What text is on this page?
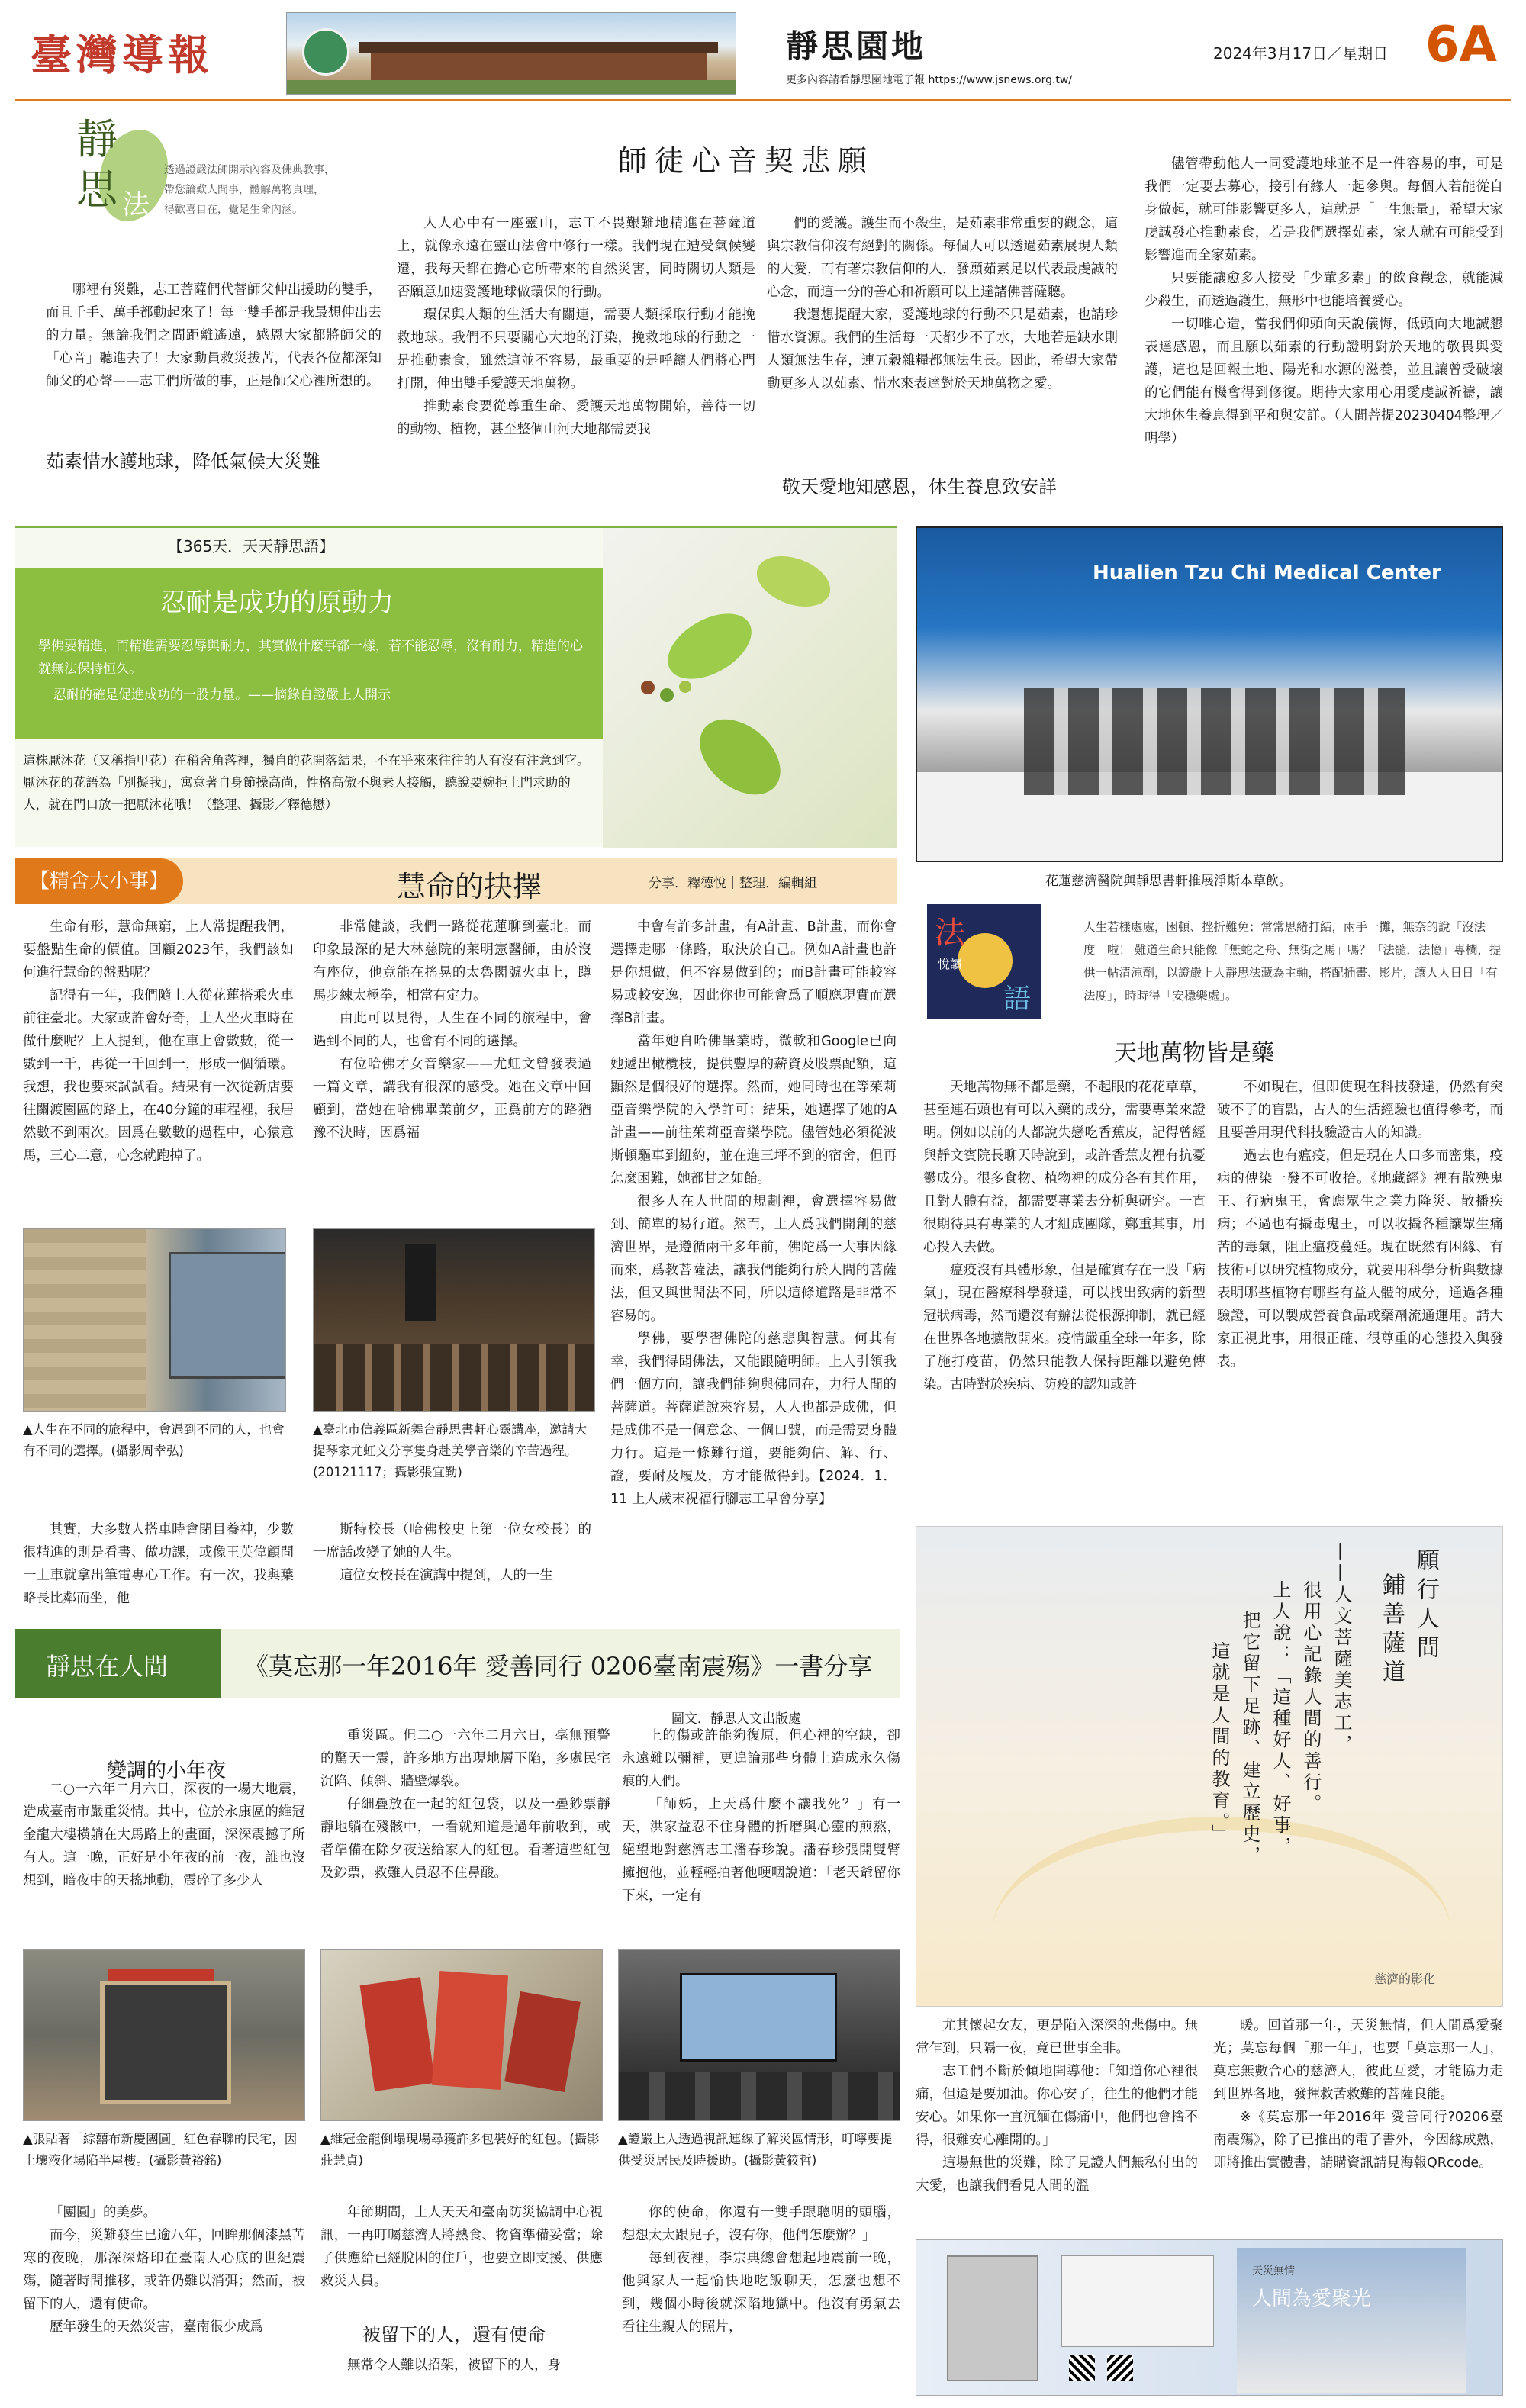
臺灣導報	靜思園地
更多內容請看靜思園地電子報 https://www.jsnews.org.tw/
2024年3月17日／星期日 6A
靜
思 法
語
透過證嚴法師開示內容及佛典教事，
帶您論歎人間事，體解萬物真理，
得歡喜自在，覺足生命內涵。
師徒心音契悲願

哪裡有災難，志工菩薩們代替師父伸出援助的雙手，而且千手、萬手都動起來了！每一雙手都是我最想伸出去的力量。無論我們之間距離遙遠，感恩大家都將師父的「心音」聽進去了！大家動員救災拔苦，代表各位都深知師父的心聲——志工們所做的事，正是師父心裡所想的。

茹素惜水護地球，降低氣候大災難

人人心中有一座靈山，志工不畏艱難地精進在菩薩道上，就像永遠在靈山法會中修行一樣。我們現在遭受氣候變遷，我每天都在擔心它所帶來的自然災害，同時關切人類是否願意加速愛護地球做環保的行動。

環保與人類的生活大有關連，需要人類採取行動才能挽救地球。我們不只要關心大地的汙染，挽救地球的行動之一是推動素食，雖然這並不容易，最重要的是呼籲人們將心門打開，伸出雙手愛護天地萬物。

推動素食要從尊重生命、愛護天地萬物開始，善待一切的動物、植物，甚至整個山河大地都需要我

們的愛護。護生而不殺生，是茹素非常重要的觀念，這與宗教信仰沒有絕對的關係。每個人可以透過茹素展現人類的大愛，而有著宗教信仰的人，發願茹素足以代表最虔誠的心念，而這一分的善心和祈願可以上達諸佛菩薩聽。

我還想提醒大家，愛護地球的行動不只是茹素，也請珍惜水資源。我們的生活每一天都少不了水，大地若是缺水則人類無法生存，連五穀雜糧都無法生長。因此，希望大家帶動更多人以茹素、惜水來表達對於天地萬物之愛。

敬天愛地知感恩，休生養息致安詳

儘管帶動他人一同愛護地球並不是一件容易的事，可是我們一定要去募心，接引有緣人一起參與。每個人若能從自身做起，就可能影響更多人，這就是「一生無量」，希望大家虔誠發心推動素食，若是我們選擇茹素，家人就有可能受到影響進而全家茹素。

只要能讓愈多人接受「少葷多素」的飲食觀念，就能減少殺生，而透過護生，無形中也能培養愛心。

一切唯心造，當我們仰頭向天說儀悔，低頭向大地誠懇表達感恩，而且願以茹素的行動證明對於天地的敬畏與愛護，這也是回報土地、陽光和水源的滋養，並且讓曾受破壞的它們能有機會得到修復。期待大家用心用愛虔誠祈禱，讓大地休生養息得到平和與安詳。（人間菩提20230404整理／明學）

【365天．天天靜思語】
忍耐是成功的原動力
學佛要精進，而精進需要忍辱與耐力，其實做什麼事都一樣，若不能忍辱，沒有耐力，精進的心就無法保持恒久。
忍耐的確是促進成功的一股力量。——摘錄自證嚴上人開示
這株厭沐花（又稱指甲花）在稍舍角落裡，獨自的花開落結果，不在乎來來往往的人有沒有注意到它。厭沐花的花語為「別擬我」，寓意著自身節操高尚，性格高傲不與素人接觸，聽說要婉拒上門求助的人，就在門口放一把厭沐花哦！（整理、攝影／釋德懋）
Hualien Tzu Chi Medical Center
花蓮慈濟醫院與靜思書軒推展淨斯本草飲。
法
語
悅讀
人生若樣處處，困頓、挫折難免；常常思緒打結，兩手一攤，無奈的說「沒法度」啦！ 難道生命只能像「無蛇之舟、無街之馬」嗎？「法髓．法憶」專欄，提供一帖清涼劑，以證嚴上人靜思法藏為主軸，搭配插畫、影片，讓人人日日「有法度」，時時得「安穩樂處」。
天地萬物皆是藥

天地萬物無不都是藥，不起眼的花花草草，甚至連石頭也有可以入藥的成分，需要專業來證明。例如以前的人都說失戀吃香蕉皮，記得曾經與靜文賓院長聊天時說到，或許香蕉皮裡有抗憂鬱成分。很多食物、植物裡的成分各有其作用，且對人體有益，都需要專業去分析與研究。一直很期待具有專業的人才組成團隊，鄭重其事，用心投入去做。

瘟疫沒有具體形象，但是確實存在一股「病氣」，現在醫療科學發達，可以找出致病的新型冠狀病毒，然而還沒有辦法從根源抑制，就已經在世界各地擴散開來。疫情嚴重全球一年多，除了施打疫苗，仍然只能教人保持距離以避免傳染。古時對於疾病、防疫的認知或許

不如現在，但即使現在科技發達，仍然有突破不了的盲點，古人的生活經驗也值得參考，而且要善用現代科技驗證古人的知識。

過去也有瘟疫，但是現在人口多而密集，疫病的傳染一發不可收拾。《地藏經》裡有散殃鬼王、行病鬼王，會應眾生之業力降災、散播疾病；不過也有攝毒鬼王，可以收攝各種讓眾生痛苦的毒氣，阻止瘟疫蔓延。現在既然有困緣、有技術可以研究植物成分，就要用科學分析與數據表明哪些植物有哪些有益人體的成分，通過各種驗證，可以製成營養食品或藥劑流通運用。請大家正視此事，用很正確、很尊重的心態投入與發表。

【精舍大小事】	慧命的抉擇	分享．釋德悅｜整理．編輯組

生命有形，慧命無窮，上人常提醒我們，要盤點生命的價值。回顧2023年，我們該如何進行慧命的盤點呢？

記得有一年，我們隨上人從花蓮搭乘火車前往臺北。大家或許會好奇，上人坐火車時在做什麼呢？上人提到，他在車上會數數，從一數到一千，再從一千回到一，形成一個循環。我想，我也要來試試看。結果有一次從新店要往關渡園區的路上，在40分鐘的車程裡，我居然數不到兩次。因爲在數數的過程中，心猿意馬，三心二意，心念就跑掉了。

非常健談，我們一路從花蓮聊到臺北。而印象最深的是大林慈院的莱明憲醫師，由於沒有座位，他竟能在搖晃的太魯閣號火車上，蹲馬步練太極拳，相當有定力。

由此可以見得，人生在不同的旅程中，會遇到不同的人，也會有不同的選擇。

有位哈佛才女音樂家——尤虹文曾發表過一篇文章，講我有很深的感受。她在文章中回顧到，當她在哈佛畢業前夕，正爲前方的路猶豫不決時，因爲福

中會有許多計畫，有A計畫、B計畫，而你會選擇走哪一條路，取決於自己。例如A計畫也許是你想做，但不容易做到的；而B計畫可能較容易或較安逸，因此你也可能會爲了順應現實而選擇B計畫。

當年她自哈佛畢業時，微軟和Google已向她遞出橄欖枝，提供豐厚的薪資及股票配額，這顯然是個很好的選擇。然而，她同時也在等茱莉亞音樂學院的入學許可；結果，她選擇了她的A計畫——前往茱莉亞音樂學院。儘管她必須從波斯頓驅車到紐約，並在進三坪不到的宿舍，但再怎麼困難，她都甘之如飴。

很多人在人世間的規劃裡，會選擇容易做到、簡單的易行道。然而，上人爲我們開創的慈濟世界，是遵循兩千多年前，佛陀爲一大事因緣而來，爲教菩薩法，讓我們能夠行於人間的菩薩法，但又與世間法不同，所以這條道路是非常不容易的。

學佛，要學習佛陀的慈悲與智慧。何其有幸，我們得聞佛法，又能跟隨明師。上人引領我們一個方向，讓我們能夠與佛同在，力行人間的菩薩道。菩薩道說來容易，人人也都是成佛，但是成佛不是一個意念、一個口號，而是需要身體力行。這是一條難行道，要能夠信、解、行、證，要耐及履及，方才能做得到。【2024．1．11 上人歲末祝福行腳志工早會分享】

▲人生在不同的旅程中，會遇到不同的人，也會有不同的選擇。(攝影周幸弘)
▲臺北市信義區新舞台靜思書軒心靈講座，邀請大提琴家尤虹文分享隻身赴美學音樂的辛苦過程。(20121117；攝影張宜勤)

其實，大多數人搭車時會閉目養神，少數很精進的則是看書、做功課，或像王英偉顧問一上車就拿出筆電專心工作。有一次，我與葉略長比鄰而坐，他

斯特校長（哈佛校史上第一位女校長）的一席話改變了她的人生。

這位女校長在演講中提到，人的一生	願行人間
鋪善薩道
——人文菩薩美志工，
很用心記錄人間的善行。
上人說：「這種好人、好事，
把它留下足跡、建立歷史，
這就是人間的教育。」
慈濟的影化
靜思在人間	《莫忘那一年2016年 愛善同行 0206臺南震殤》一書分享
圖文．靜思人文出版處
變調的小年夜

二○一六年二月六日，深夜的一場大地震，造成臺南市嚴重災情。其中，位於永康區的維冠金龍大樓橫躺在大馬路上的畫面，深深震撼了所有人。這一晚，正好是小年夜的前一夜，誰也沒想到，暗夜中的天搖地動，震碎了多少人

重災區。但二○一六年二月六日，毫無預警的驚天一震，許多地方出現地層下陷，多處民宅沉陷、傾斜、牆壁爆裂。

仔細疊放在一起的紅包袋，以及一疊鈔票靜靜地躺在殘骸中，一看就知道是過年前收到，或者準備在除夕夜送給家人的紅包。看著這些紅包及鈔票，救難人員忍不住鼻酸。

上的傷或許能夠復原，但心裡的空缺，卻永遠難以彌補，更遑論那些身體上造成永久傷痕的人們。

「師姊，上天爲什麼不讓我死？」有一天，洪家益忍不住身體的折磨與心靈的煎熬，絕望地對慈濟志工潘春珍說。潘春珍張開雙臂擁抱他，並輕輕拍著他哽咽說道：「老天爺留你下來，一定有

尤其懷起女友，更是陷入深深的悲傷中。無常乍到，只隔一夜，竟已世事全非。

志工們不斷於傾地開導他：「知道你心裡很痛，但還是要加油。你心安了，往生的他們才能安心。如果你一直沉緬在傷痛中，他們也會捨不得，很難安心離開的。」

這場無世的災難，除了見證人們無私付出的大愛，也讓我們看見人間的溫

暖。回首那一年，天災無情，但人間爲愛聚光；莫忘每個「那一年」，也要「莫忘那一人」，莫忘無數合心的慈濟人，彼此互愛，才能協力走到世界各地，發揮救苦救難的菩薩良能。

※《莫忘那一年2016年 愛善同行?0206臺南震殤》，除了已推出的電子書外，今因緣成熟，即將推出實體書，請購資訊請見海報QRcode。

▲張貼著「綜囍布新慶團圓」紅色春聯的民宅，因土壤液化場陷半屋樓。(攝影黃裕銘)
▲維冠金龍倒塌現場尋獲許多包裝好的紅包。(攝影莊慧貞)
▲證嚴上人透過視訊連線了解災區情形，叮嚀要提供受災居民及時援助。(攝影黃筱哲)

「團圓」的美夢。

而今，災難發生已逾八年，回眸那個漆黑苦寒的夜晚，那深深烙印在臺南人心底的世紀震殤，隨著時間推移，或許仍難以消弭；然而，被留下的人，還有使命。

歷年發生的天然災害，臺南很少成爲

年節期間，上人天天和臺南防災協調中心視訊，一再叮囑慈濟人將熱食、物資準備妥當；除了供應給已經脫困的住戶，也要立即支援、供應救災人員。

被留下的人，還有使命

無常令人難以招架，被留下的人，身

你的使命，你還有一雙手跟聰明的頭腦，想想太太跟兒子，沒有你，他們怎麼辦？」

每到夜裡，李宗典總會想起地震前一晚，他與家人一起愉快地吃飯聊天，怎麼也想不到，幾個小時後就深陷地獄中。他沒有勇氣去看往生親人的照片，

天災無情
人間為愛聚光
